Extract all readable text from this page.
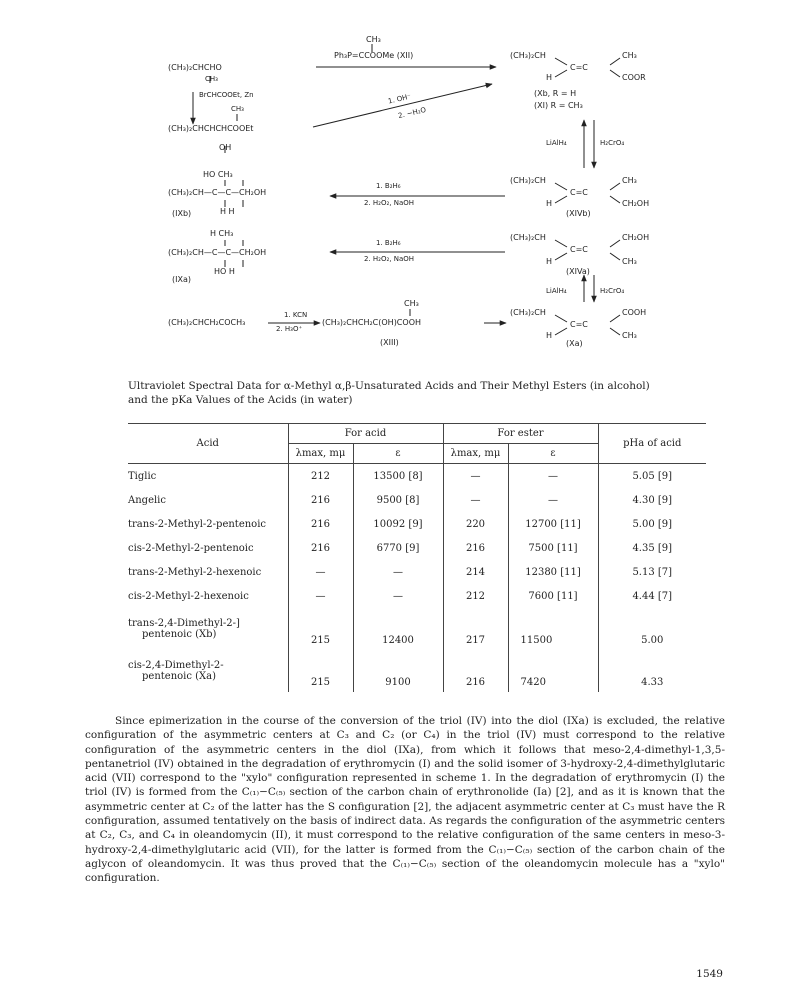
CH₃
Ph₃P=CCOOMe (XII)
(CH₃)₂CHCHO
CH₃
BrCHCOOEt, Zn
CH₃
(CH₃)₂CHCHCHCOOEt
OH
1. OH⁻
2. −H₂O
(CH₃)₂CH	CH₃
C=C
H	COOR
(Xb, R = H
(XI) R = CH₃
LiAlH₄	H₂CrO₄
HO CH₃
(CH₃)₂CH—C—C—CH₂OH
H H
(IXb)
1. B₂H₆
2. H₂O₂, NaOH
(CH₃)₂CH	CH₃
C=C
H	CH₂OH
(XIVb)
H CH₃
(CH₃)₂CH—C—C—CH₂OH
HO H
(IXa)
1. B₂H₆
2. H₂O₂, NaOH
(CH₃)₂CH	CH₂OH
C=C
H	CH₃
(XIVa)
LiAlH₄	H₂CrO₄
(CH₃)₂CHCH₂COCH₃
1. KCN
2. H₃O⁺
CH₃
(CH₃)₂CHCH₂C(OH)COOH
(XIII)
(CH₃)₂CH	COOH
C=C
H	CH₃
(Xa)
Ultraviolet Spectral Data for α-Methyl α,β-Unsaturated Acids and Their Methyl Esters (in alcohol)
and the pKa Values of the Acids (in water)
Acid	For acid		For ester		pHa of acid
	λmax, mμ	ε	λmax, mμ	ε	
Tiglic	212	13500 [8]	—	—	5.05 [9]
Angelic	216	9500 [8]	—	—	4.30 [9]
trans-2-Methyl-2-pentenoic	216	10092 [9]	220	12700 [11]	5.00 [9]
cis-2-Methyl-2-pentenoic	216	6770 [9]	216	7500 [11]	4.35 [9]
trans-2-Methyl-2-hexenoic	—	—	214	12380 [11]	5.13 [7]
cis-2-Methyl-2-hexenoic	—	—	212	7600 [11]	4.44 [7]

trans-2,4-Dimethyl-2-]
pentenoic (Xb)	215	12400	217	11500	5.00

cis-2,4-Dimethyl-2-
pentenoic (Xa)	215	9100	216	7420	4.33

Since epimerization in the course of the conversion of the triol (IV) into the diol (IXa) is excluded, the relative configuration of the asymmetric centers at C₃ and C₂ (or C₄) in the triol (IV) must correspond to the relative configuration of the asymmetric centers in the diol (IXa), from which it follows that meso-2,4-dimethyl-1,3,5-pentanetriol (IV) obtained in the degradation of erythromycin (I) and the solid isomer of 3-hydroxy-2,4-dimethylglutaric acid (VII) correspond to the "xylo" configuration represented in scheme 1. In the degradation of erythromycin (I) the triol (IV) is formed from the C₍₁₎−C₍₅₎ section of the carbon chain of erythronolide (Ia) [2], and as it is known that the asymmetric center at C₂ of the latter has the S configuration [2], the adjacent asymmetric center at C₃ must have the R configuration, assumed tentatively on the basis of indirect data. As regards the configuration of the asymmetric centers at C₂, C₃, and C₄ in oleandomycin (II), it must correspond to the relative configuration of the same centers in meso-3-hydroxy-2,4-dimethylglutaric acid (VII), for the latter is formed from the C₍₁₎−C₍₅₎ section of the carbon chain of the aglycon of oleandomycin. It was thus proved that the C₍₁₎−C₍₅₎ section of the oleandomycin molecule has a "xylo" configuration.

1549
